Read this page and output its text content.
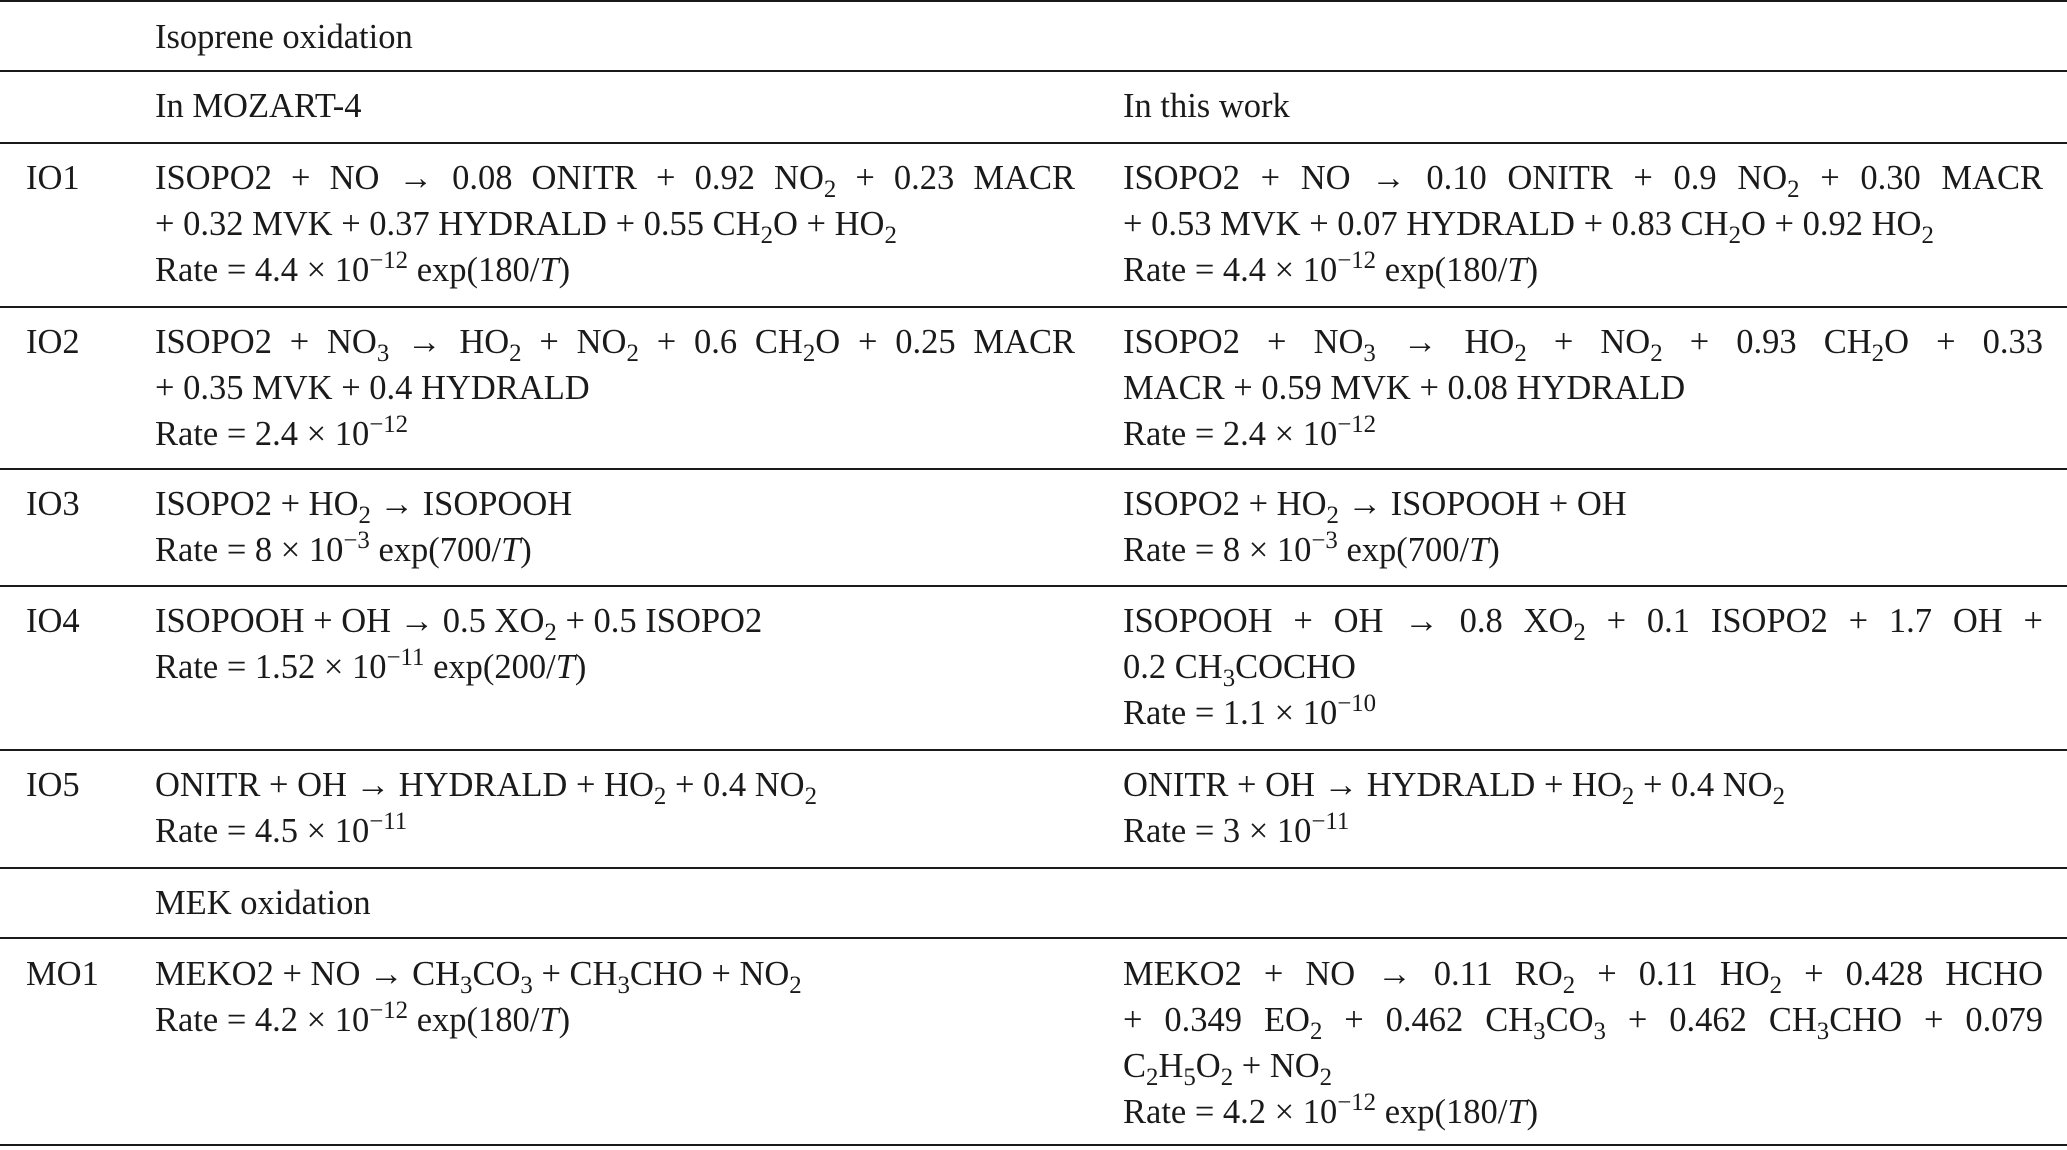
Isoprene oxidation
In MOZART-4	In this work
IO1 ISOPO2 + NO → 0.08 ONITR + 0.92 $NO_2 + 0.23$ MACR
+ 0.32 MVK + 0.37 HYDRALD + 0.55 $CH_2O + HO_2$
Rate = $4.4 \times 10^{-12}$ exp(180/T)
ISOPO2 + NO → 0.10 ONITR + 0.9 $NO_2 + 0.30$ MACR
+ 0.53 MVK + 0.07 HYDRALD + 0.83 $CH_2O + 0.92$ $HO_2$
Rate = $4.4 \times 10^{-12}$ exp(180/T)
IO2 ISOPO2 + $NO_3 \to HO_2 + NO_2 + 0.6$ $CH_2O + 0.25$ MACR
+ 0.35 MVK + 0.4 HYDRALD
Rate = $2.4 \times 10^{-12}$
ISOPO2 + $NO_3 \to HO_2 + NO_2 + 0.93$ $CH_2O + 0.33$
MACR + 0.59 MVK + 0.08 HYDRALD
Rate = $2.4 \times 10^{-12}$
IO3 ISOPO2 + $HO_2$ → ISOPOOH
Rate = $8 \times 10^{-3}$ exp(700/T)
ISOPO2 + $HO_2$ → ISOPOOH + OH
Rate = $8 \times 10^{-3}$ exp(700/T)
IO4 ISOPOOH + OH → 0.5 $XO_2 + 0.5$ ISOPO2
Rate = $1.52 \times 10^{-11}$ exp(200/T)
ISOPOOH + OH → 0.8 $XO_2 + 0.1$ ISOPO2 + 1.7 OH +
0.2 $CH_3COCHO$
Rate = $1.1 \times 10^{-10}$
IO5 ONITR + OH → HYDRALD + $HO_2 + 0.4$ $NO_2$
Rate = $4.5 \times 10^{-11}$
ONITR + OH → HYDRALD + $HO_2 + 0.4$ $NO_2$
Rate = $3 \times 10^{-11}$
MEK oxidation
MO1 MEKO2 + NO → $CH_3CO_3 + CH_3CHO + NO_2$
Rate = $4.2 \times 10^{-12}$ exp(180/T)
MEKO2 + NO → 0.11 $RO_2 + 0.11$ $HO_2 + 0.428$ HCHO
+ 0.349 $EO_2 + 0.462$ $CH_3CO_3 + 0.462$ $CH_3CHO + 0.079$
$C_2H_5O_2 + NO_2$
Rate = $4.2 \times 10^{-12}$ exp(180/T)
